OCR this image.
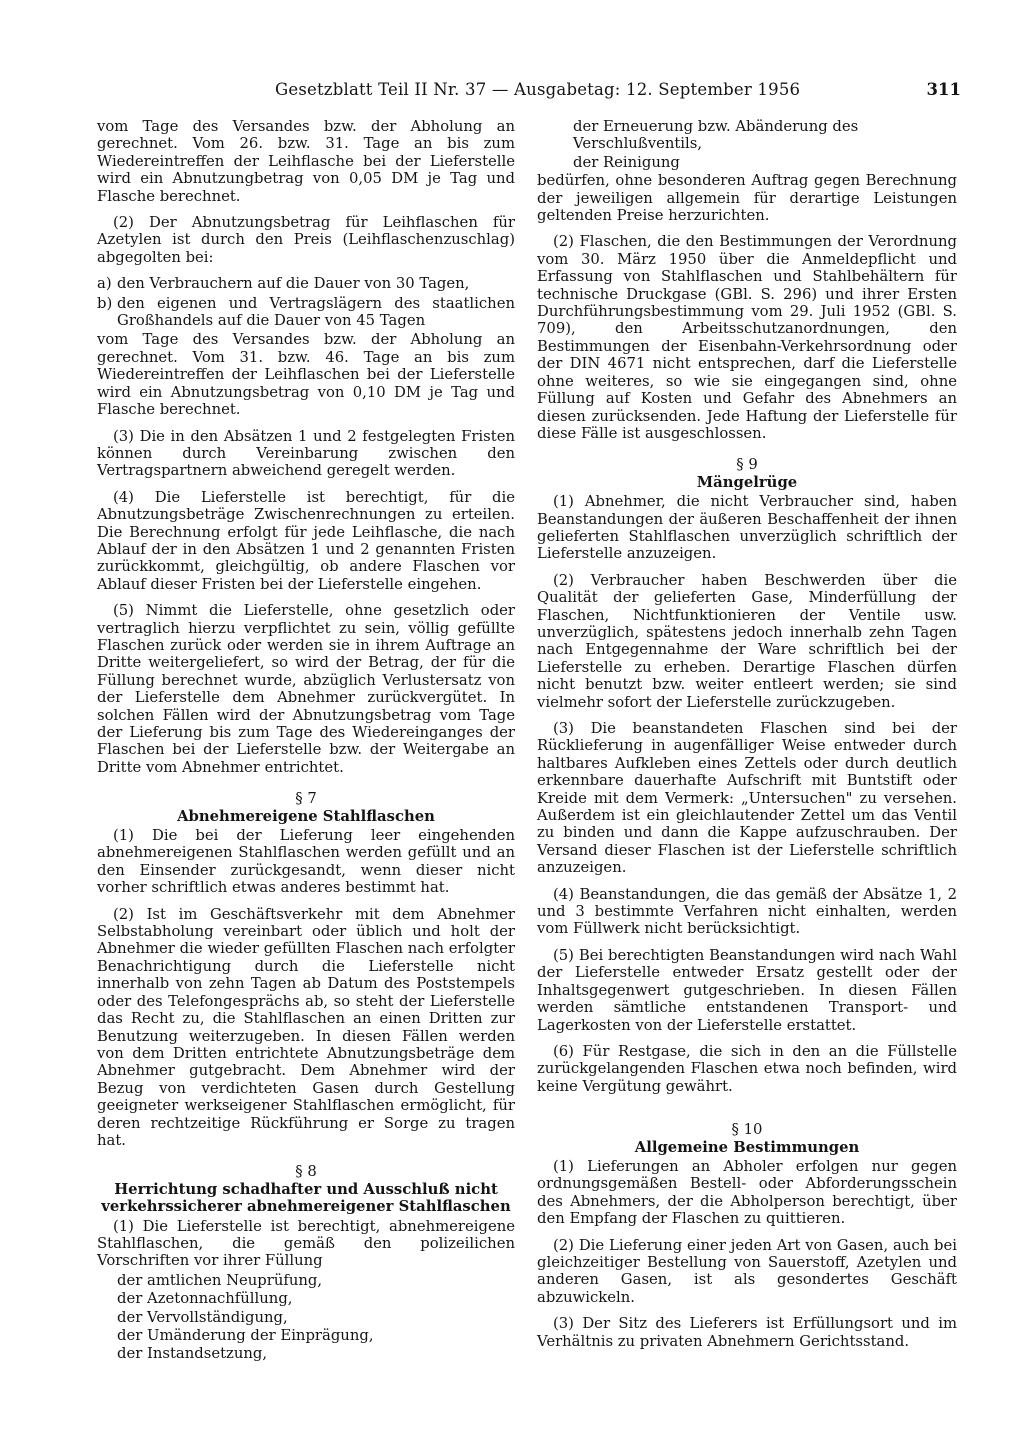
Gesetzblatt Teil II Nr. 37 — Ausgabetag: 12. September 1956	311

vom Tage des Versandes bzw. der Abholung an gerechnet. Vom 26. bzw. 31. Tage an bis zum Wiedereintreffen der Leihflasche bei der Lieferstelle wird ein Abnutzungbetrag von 0,05 DM je Tag und Flasche berechnet.

(2) Der Abnutzungsbetrag für Leihflaschen für Azetylen ist durch den Preis (Leihflaschenzuschlag) abgegolten bei:

a) den Verbrauchern auf die Dauer von 30 Tagen,
b) den eigenen und Vertragslägern des staatlichen Großhandels auf die Dauer von 45 Tagen

vom Tage des Versandes bzw. der Abholung an gerechnet. Vom 31. bzw. 46. Tage an bis zum Wiedereintreffen der Leihflaschen bei der Lieferstelle wird ein Abnutzungsbetrag von 0,10 DM je Tag und Flasche berechnet.

(3) Die in den Absätzen 1 und 2 festgelegten Fristen können durch Vereinbarung zwischen den Vertragspartnern abweichend geregelt werden.

(4) Die Lieferstelle ist berechtigt, für die Abnutzungsbeträge Zwischenrechnungen zu erteilen. Die Berechnung erfolgt für jede Leihflasche, die nach Ablauf der in den Absätzen 1 und 2 genannten Fristen zurückkommt, gleichgültig, ob andere Flaschen vor Ablauf dieser Fristen bei der Lieferstelle eingehen.

(5) Nimmt die Lieferstelle, ohne gesetzlich oder vertraglich hierzu verpflichtet zu sein, völlig gefüllte Flaschen zurück oder werden sie in ihrem Auftrage an Dritte weitergeliefert, so wird der Betrag, der für die Füllung berechnet wurde, abzüglich Verlustersatz von der Lieferstelle dem Abnehmer zurückvergütet. In solchen Fällen wird der Abnutzungsbetrag vom Tage der Lieferung bis zum Tage des Wiedereinganges der Flaschen bei der Lieferstelle bzw. der Weitergabe an Dritte vom Abnehmer entrichtet.

§ 7
Abnehmereigene Stahlflaschen

(1) Die bei der Lieferung leer eingehenden abnehmereigenen Stahlflaschen werden gefüllt und an den Einsender zurückgesandt, wenn dieser nicht vorher schriftlich etwas anderes bestimmt hat.

(2) Ist im Geschäftsverkehr mit dem Abnehmer Selbstabholung vereinbart oder üblich und holt der Abnehmer die wieder gefüllten Flaschen nach erfolgter Benachrichtigung durch die Lieferstelle nicht innerhalb von zehn Tagen ab Datum des Poststempels oder des Telefongesprächs ab, so steht der Lieferstelle das Recht zu, die Stahlflaschen an einen Dritten zur Benutzung weiterzugeben. In diesen Fällen werden von dem Dritten entrichtete Abnutzungsbeträge dem Abnehmer gutgebracht. Dem Abnehmer wird der Bezug von verdichteten Gasen durch Gestellung geeigneter werkseigener Stahlflaschen ermöglicht, für deren rechtzeitige Rückführung er Sorge zu tragen hat.

§ 8
Herrichtung schadhafter und Ausschluß nicht verkehrssicherer abnehmereigener Stahlflaschen

(1) Die Lieferstelle ist berechtigt, abnehmereigene Stahlflaschen, die gemäß den polizeilichen Vorschriften vor ihrer Füllung

der amtlichen Neuprüfung,
der Azetonnachfüllung,
der Vervollständigung,
der Umänderung der Einprägung,
der Instandsetzung,
der Erneuerung bzw. Abänderung des Verschlußventils,
der Reinigung

bedürfen, ohne besonderen Auftrag gegen Berechnung der jeweiligen allgemein für derartige Leistungen geltenden Preise herzurichten.

(2) Flaschen, die den Bestimmungen der Verordnung vom 30. März 1950 über die Anmeldepflicht und Erfassung von Stahlflaschen und Stahlbehältern für technische Druckgase (GBl. S. 296) und ihrer Ersten Durchführungsbestimmung vom 29. Juli 1952 (GBl. S. 709), den Arbeitsschutzanordnungen, den Bestimmungen der Eisenbahn-Verkehrsordnung oder der DIN 4671 nicht entsprechen, darf die Lieferstelle ohne weiteres, so wie sie eingegangen sind, ohne Füllung auf Kosten und Gefahr des Abnehmers an diesen zurücksenden. Jede Haftung der Lieferstelle für diese Fälle ist ausgeschlossen.

§ 9
Mängelrüge

(1) Abnehmer, die nicht Verbraucher sind, haben Beanstandungen der äußeren Beschaffenheit der ihnen gelieferten Stahlflaschen unverzüglich schriftlich der Lieferstelle anzuzeigen.

(2) Verbraucher haben Beschwerden über die Qualität der gelieferten Gase, Minderfüllung der Flaschen, Nichtfunktionieren der Ventile usw. unverzüglich, spätestens jedoch innerhalb zehn Tagen nach Entgegennahme der Ware schriftlich bei der Lieferstelle zu erheben. Derartige Flaschen dürfen nicht benutzt bzw. weiter entleert werden; sie sind vielmehr sofort der Lieferstelle zurückzugeben.

(3) Die beanstandeten Flaschen sind bei der Rücklieferung in augenfälliger Weise entweder durch haltbares Aufkleben eines Zettels oder durch deutlich erkennbare dauerhafte Aufschrift mit Buntstift oder Kreide mit dem Vermerk: „Untersuchen" zu versehen. Außerdem ist ein gleichlautender Zettel um das Ventil zu binden und dann die Kappe aufzuschrauben. Der Versand dieser Flaschen ist der Lieferstelle schriftlich anzuzeigen.

(4) Beanstandungen, die das gemäß der Absätze 1, 2 und 3 bestimmte Verfahren nicht einhalten, werden vom Füllwerk nicht berücksichtigt.

(5) Bei berechtigten Beanstandungen wird nach Wahl der Lieferstelle entweder Ersatz gestellt oder der Inhaltsgegenwert gutgeschrieben. In diesen Fällen werden sämtliche entstandenen Transport- und Lagerkosten von der Lieferstelle erstattet.

(6) Für Restgase, die sich in den an die Füllstelle zurückgelangenden Flaschen etwa noch befinden, wird keine Vergütung gewährt.

§ 10
Allgemeine Bestimmungen

(1) Lieferungen an Abholer erfolgen nur gegen ordnungsgemäßen Bestell- oder Abforderungsschein des Abnehmers, der die Abholperson berechtigt, über den Empfang der Flaschen zu quittieren.

(2) Die Lieferung einer jeden Art von Gasen, auch bei gleichzeitiger Bestellung von Sauerstoff, Azetylen und anderen Gasen, ist als gesondertes Geschäft abzuwickeln.

(3) Der Sitz des Lieferers ist Erfüllungsort und im Verhältnis zu privaten Abnehmern Gerichtsstand.
